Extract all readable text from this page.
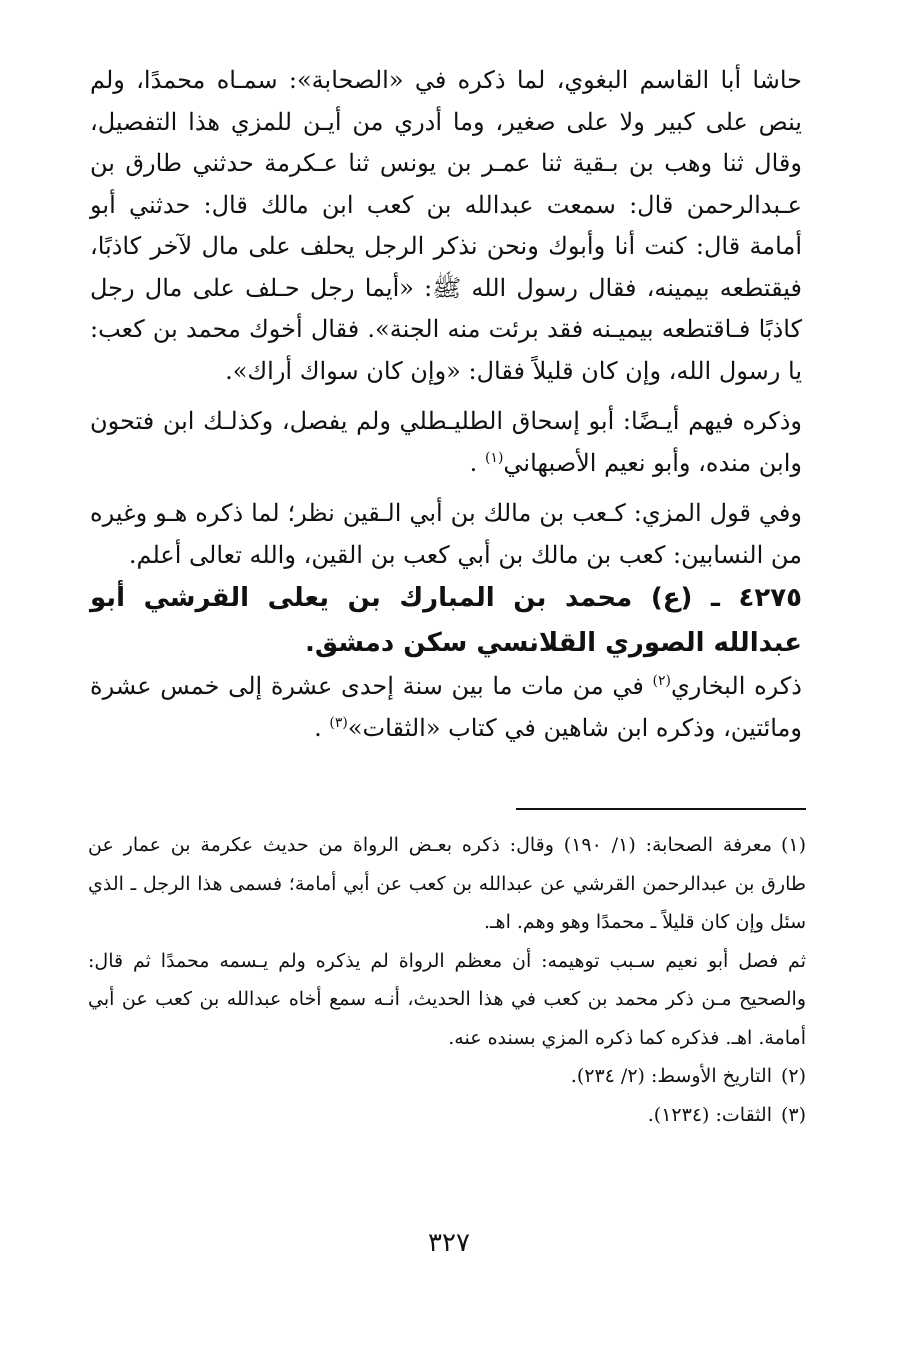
حاشا أبا القاسم البغوي، لما ذكره في «الصحابة»: سمـاه محمدًا، ولم ينص على كبير ولا على صغير، وما أدري من أيـن للمزي هذا التفصيل، وقال ثنا وهب بن بـقية ثنا عمـر بن يونس ثنا عـكرمة حدثني طارق بن عـبدالرحمن قال: سمعت عبدالله بن كعب ابن مالك قال: حدثني أبو أمامة قال: كنت أنا وأبوك ونحن نذكر الرجل يحلف على مال لآخر كاذبًا، فيقتطعه بيمينه، فقال رسول الله ﷺ: «أيما رجل حـلف على مال رجل كاذبًا فـاقتطعه بيميـنه فقد برئت منه الجنة». فقال أخوك محمد بن كعب: يا رسول الله، وإن كان قليلاً فقال: «وإن كان سواك أراك».

وذكره فيهم أيـضًا: أبو إسحاق الطليـطلي ولم يفصل، وكذلـك ابن فتحون وابن منده، وأبو نعيم الأصبهاني$^{(١)}$ .

وفي قول المزي: كـعب بن مالك بن أبي الـقين نظر؛ لما ذكره هـو وغيره من النسابين: كعب بن مالك بن أبي كعب بن القين، والله تعالى أعلم.

٤٢٧٥ ـ (ع) محمد بن المبارك بن يعلى القرشي أبو عبدالله الصوري القلانسي سكن دمشق.

ذكره البخاري$^{(٢)}$ في من مات ما بين سنة إحدى عشرة إلى خمس عشرة ومائتين، وذكره ابن شاهين في كتاب «الثقات»$^{(٣)}$ .

(١)معرفة الصحابة: (١/ ١٩٠) وقال: ذكره بعـض الرواة من حديث عكرمة بن عمار عن طارق بن عبدالرحمن القرشي عن عبدالله بن كعب عن أبي أمامة؛ فسمى هذا الرجل ـ الذي سئل وإن كان قليلاً ـ محمدًا وهو وهم. اهـ.

ثم فصل أبو نعيم سـبب توهيمه: أن معظم الرواة لم يذكره ولم يـسمه محمدًا ثم قال: والصحيح مـن ذكر محمد بن كعب في هذا الحديث، أنـه سمع أخاه عبدالله بن كعب عن أبي أمامة. اهـ. فذكره كما ذكره المزي بسنده عنه.

(٢)التاريخ الأوسط: (٢/ ٢٣٤).

(٣)الثقات: (١٢٣٤).

٣٢٧
